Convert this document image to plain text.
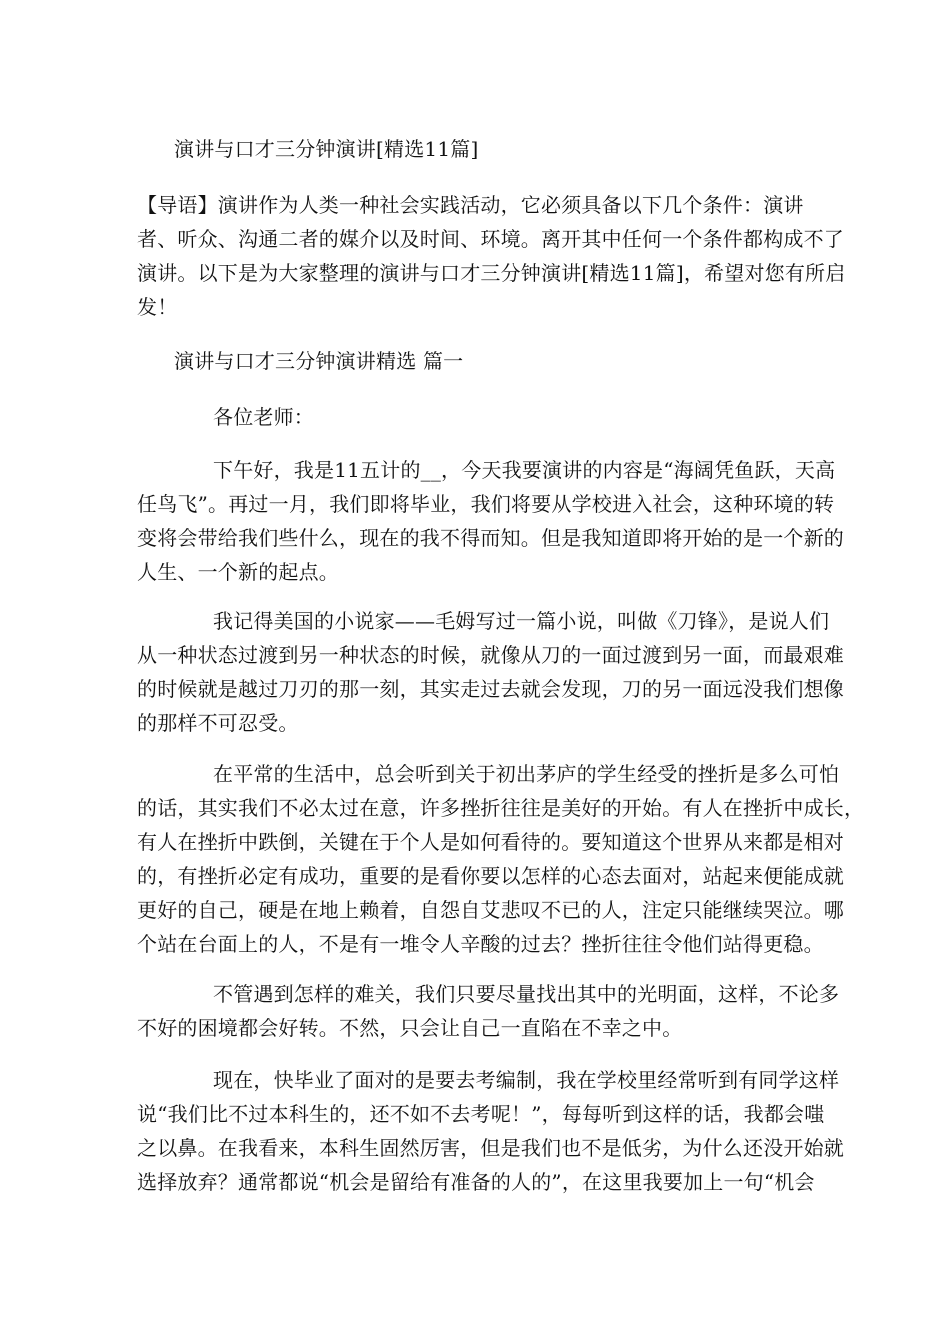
演讲与口才三分钟演讲[精选11篇]
【导语】演讲作为人类一种社会实践活动，它必须具备以下几个条件：演讲
者、听众、沟通二者的媒介以及时间、环境。离开其中任何一个条件都构成不了
演讲。以下是为大家整理的演讲与口才三分钟演讲[精选11篇]，希望对您有所启
发！
演讲与口才三分钟演讲精选 篇一
各位老师：
下午好，我是11五计的__，今天我要演讲的内容是“海阔凭鱼跃，天高
任鸟飞”。再过一月，我们即将毕业，我们将要从学校进入社会，这种环境的转
变将会带给我们些什么，现在的我不得而知。但是我知道即将开始的是一个新的
人生、一个新的起点。
我记得美国的小说家——毛姆写过一篇小说，叫做《刀锋》，是说人们
从一种状态过渡到另一种状态的时候，就像从刀的一面过渡到另一面，而最艰难
的时候就是越过刀刃的那一刻，其实走过去就会发现，刀的另一面远没我们想像
的那样不可忍受。
在平常的生活中，总会听到关于初出茅庐的学生经受的挫折是多么可怕
的话，其实我们不必太过在意，许多挫折往往是美好的开始。有人在挫折中成长，
有人在挫折中跌倒，关键在于个人是如何看待的。要知道这个世界从来都是相对
的，有挫折必定有成功，重要的是看你要以怎样的心态去面对，站起来便能成就
更好的自己，硬是在地上赖着，自怨自艾悲叹不已的人，注定只能继续哭泣。哪
个站在台面上的人，不是有一堆令人辛酸的过去？挫折往往令他们站得更稳。
不管遇到怎样的难关，我们只要尽量找出其中的光明面，这样，不论多
不好的困境都会好转。不然，只会让自己一直陷在不幸之中。
现在，快毕业了面对的是要去考编制，我在学校里经常听到有同学这样
说“我们比不过本科生的，还不如不去考呢！”，每每听到这样的话，我都会嗤
之以鼻。在我看来，本科生固然厉害，但是我们也不是低劣，为什么还没开始就
选择放弃？通常都说“机会是留给有准备的人的”，在这里我要加上一句“机会
